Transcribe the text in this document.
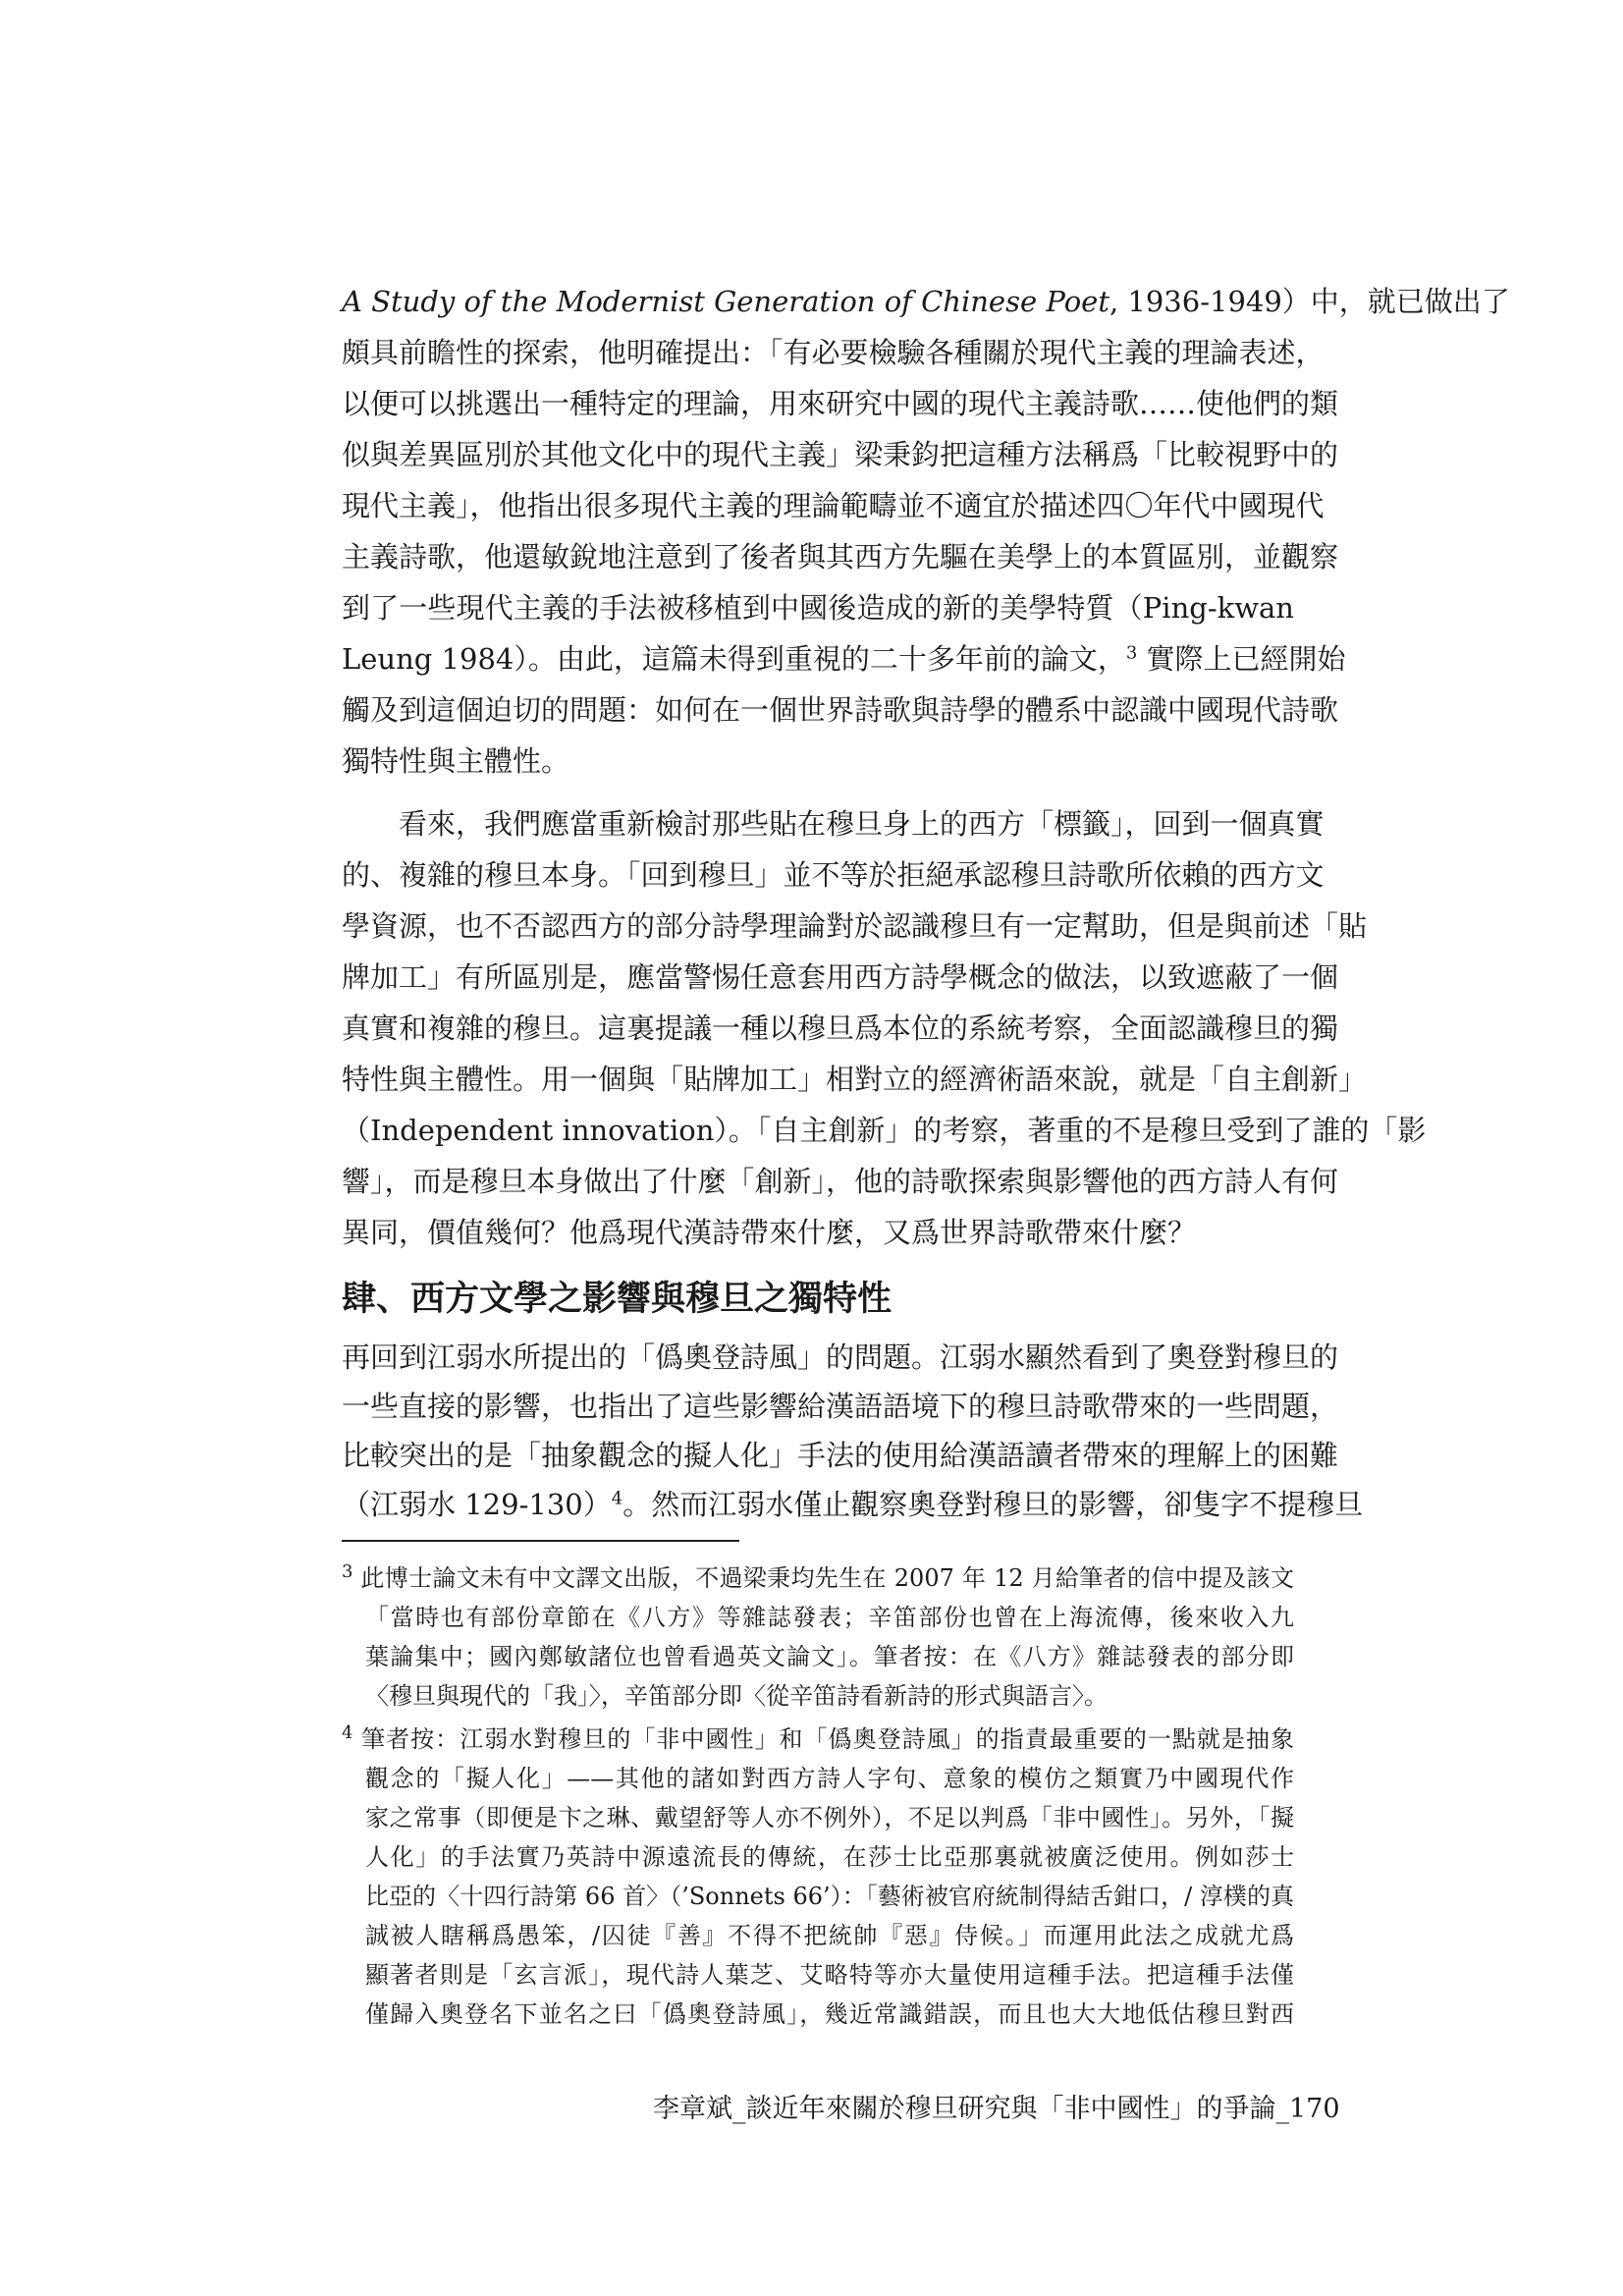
A Study of the Modernist Generation of Chinese Poet, 1936-1949）中，就已做出了
頗具前瞻性的探索，他明確提出：「有必要檢驗各種關於現代主義的理論表述，
以便可以挑選出一種特定的理論，用來研究中國的現代主義詩歌……使他們的類
似與差異區別於其他文化中的現代主義」梁秉鈞把這種方法稱爲「比較視野中的
現代主義」，他指出很多現代主義的理論範疇並不適宜於描述四〇年代中國現代
主義詩歌，他還敏銳地注意到了後者與其西方先驅在美學上的本質區別，並觀察
到了一些現代主義的手法被移植到中國後造成的新的美學特質（Ping-kwan
Leung 1984）。由此，這篇未得到重視的二十多年前的論文，$^3$ 實際上已經開始
觸及到這個迫切的問題：如何在一個世界詩歌與詩學的體系中認識中國現代詩歌
獨特性與主體性。
看來，我們應當重新檢討那些貼在穆旦身上的西方「標籤」，回到一個真實
的、複雜的穆旦本身。「回到穆旦」並不等於拒絕承認穆旦詩歌所依賴的西方文
學資源，也不否認西方的部分詩學理論對於認識穆旦有一定幫助，但是與前述「貼
牌加工」有所區別是，應當警惕任意套用西方詩學概念的做法，以致遮蔽了一個
真實和複雜的穆旦。這裏提議一種以穆旦爲本位的系統考察，全面認識穆旦的獨
特性與主體性。用一個與「貼牌加工」相對立的經濟術語來說，就是「自主創新」
（Independent innovation）。「自主創新」的考察，著重的不是穆旦受到了誰的「影
響」，而是穆旦本身做出了什麼「創新」，他的詩歌探索與影響他的西方詩人有何
異同，價值幾何？他爲現代漢詩帶來什麼，又爲世界詩歌帶來什麼？
肆、西方文學之影響與穆旦之獨特性
再回到江弱水所提出的「僞奧登詩風」的問題。江弱水顯然看到了奧登對穆旦的
一些直接的影響，也指出了這些影響給漢語語境下的穆旦詩歌帶來的一些問題，
比較突出的是「抽象觀念的擬人化」手法的使用給漢語讀者帶來的理解上的困難
（江弱水 129-130）$^4$。然而江弱水僅止觀察奧登對穆旦的影響，卻隻字不提穆旦
$^3$ 此博士論文未有中文譯文出版，不過梁秉均先生在 2007 年 12 月給筆者的信中提及該文
「當時也有部份章節在《八方》等雜誌發表；辛笛部份也曾在上海流傳，後來收入九
葉論集中；國內鄭敏諸位也曾看過英文論文」。筆者按：在《八方》雜誌發表的部分即
〈穆旦與現代的「我」〉，辛笛部分即〈從辛笛詩看新詩的形式與語言〉。
$^4$ 筆者按：江弱水對穆旦的「非中國性」和「僞奧登詩風」的指責最重要的一點就是抽象
觀念的「擬人化」——其他的諸如對西方詩人字句、意象的模仿之類實乃中國現代作
家之常事（即便是卞之琳、戴望舒等人亦不例外），不足以判爲「非中國性」。另外，「擬
人化」的手法實乃英詩中源遠流長的傳統，在莎士比亞那裏就被廣泛使用。例如莎士
比亞的〈十四行詩第 66 首〉（’Sonnets 66’）：「藝術被官府統制得結舌鉗口，/ 淳樸的真
誠被人瞎稱爲愚笨，/囚徒『善』不得不把統帥『惡』侍候。」而運用此法之成就尤爲
顯著者則是「玄言派」，現代詩人葉芝、艾略特等亦大量使用這種手法。把這種手法僅
僅歸入奧登名下並名之曰「僞奧登詩風」，幾近常識錯誤，而且也大大地低估穆旦對西
李章斌_談近年來關於穆旦研究與「非中國性」的爭論_170
